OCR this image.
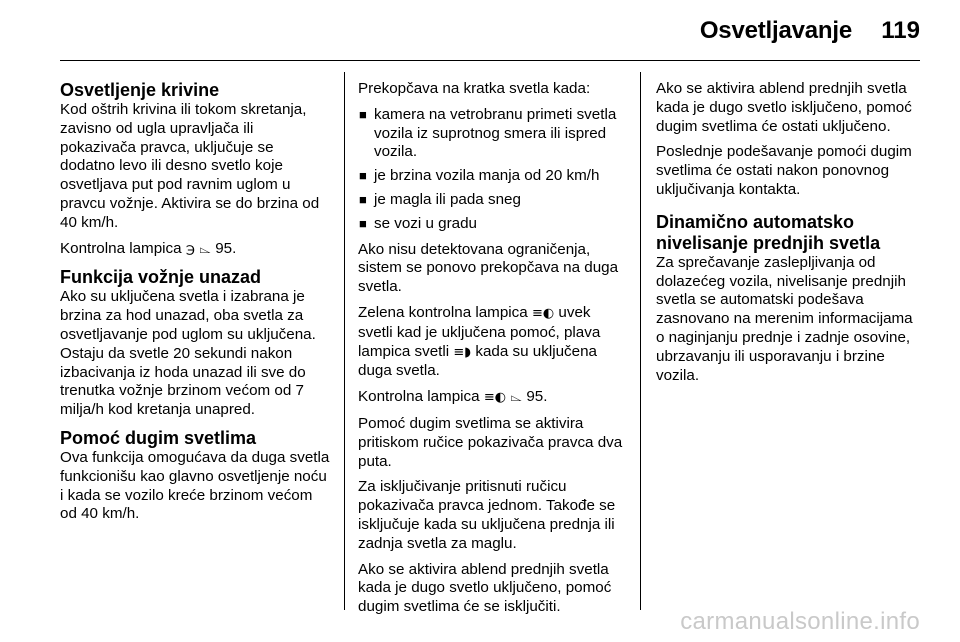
Osvetljavanje 119
Osvetljenje krivine

Kod oštrih krivina ili tokom skretanja, zavisno od ugla upravljača ili pokazivača pravca, uključuje se dodatno levo ili desno svetlo koje osvetljava put pod ravnim uglom u pravcu vožnje. Aktivira se do brzina od 40 km/h.

Kontrolna lampica ℈ ⌳ 95.

Funkcija vožnje unazad

Ako su uključena svetla i izabrana je brzina za hod unazad, oba svetla za osvetljavanje pod uglom su uključena. Ostaju da svetle 20 sekundi nakon izbacivanja iz hoda unazad ili sve do trenutka vožnje brzinom većom od 7 milja/h kod kretanja unapred.

Pomoć dugim svetlima

Ova funkcija omogućava da duga svetla funkcionišu kao glavno osvetljenje noću i kada se vozilo kreće brzinom većom od 40 km/h.

Prekopčava na kratka svetla kada:

■ kamera na vetrobranu primeti svetla vozila iz suprotnog smera ili ispred vozila.
■ je brzina vozila manja od 20 km/h
■ je magla ili pada sneg
■ se vozi u gradu

Ako nisu detektovana ograničenja, sistem se ponovo prekopčava na duga svetla.

Zelena kontrolna lampica ≡◐ uvek svetli kad je uključena pomoć, plava lampica svetli ≡◗ kada su uključena duga svetla.

Kontrolna lampica ≡◐ ⌳ 95.

Pomoć dugim svetlima se aktivira pritiskom ručice pokazivača pravca dva puta.

Za isključivanje pritisnuti ručicu pokazivača pravca jednom. Takođe se isključuje kada su uključena prednja ili zadnja svetla za maglu.

Ako se aktivira ablend prednjih svetla kada je dugo svetlo uključeno, pomoć dugim svetlima će se isključiti.

Ako se aktivira ablend prednjih svetla kada je dugo svetlo isključeno, pomoć dugim svetlima će ostati uključeno.

Poslednje podešavanje pomoći dugim svetlima će ostati nakon ponovnog uključivanja kontakta.

Dinamično automatsko nivelisanje prednjih svetla

Za sprečavanje zaslepljivanja od dolazećeg vozila, nivelisanje prednjih svetla se automatski podešava zasnovano na merenim informacijama o naginjanju prednje i zadnje osovine, ubrzavanju ili usporavanju i brzine vozila.

carmanualsonline.info
